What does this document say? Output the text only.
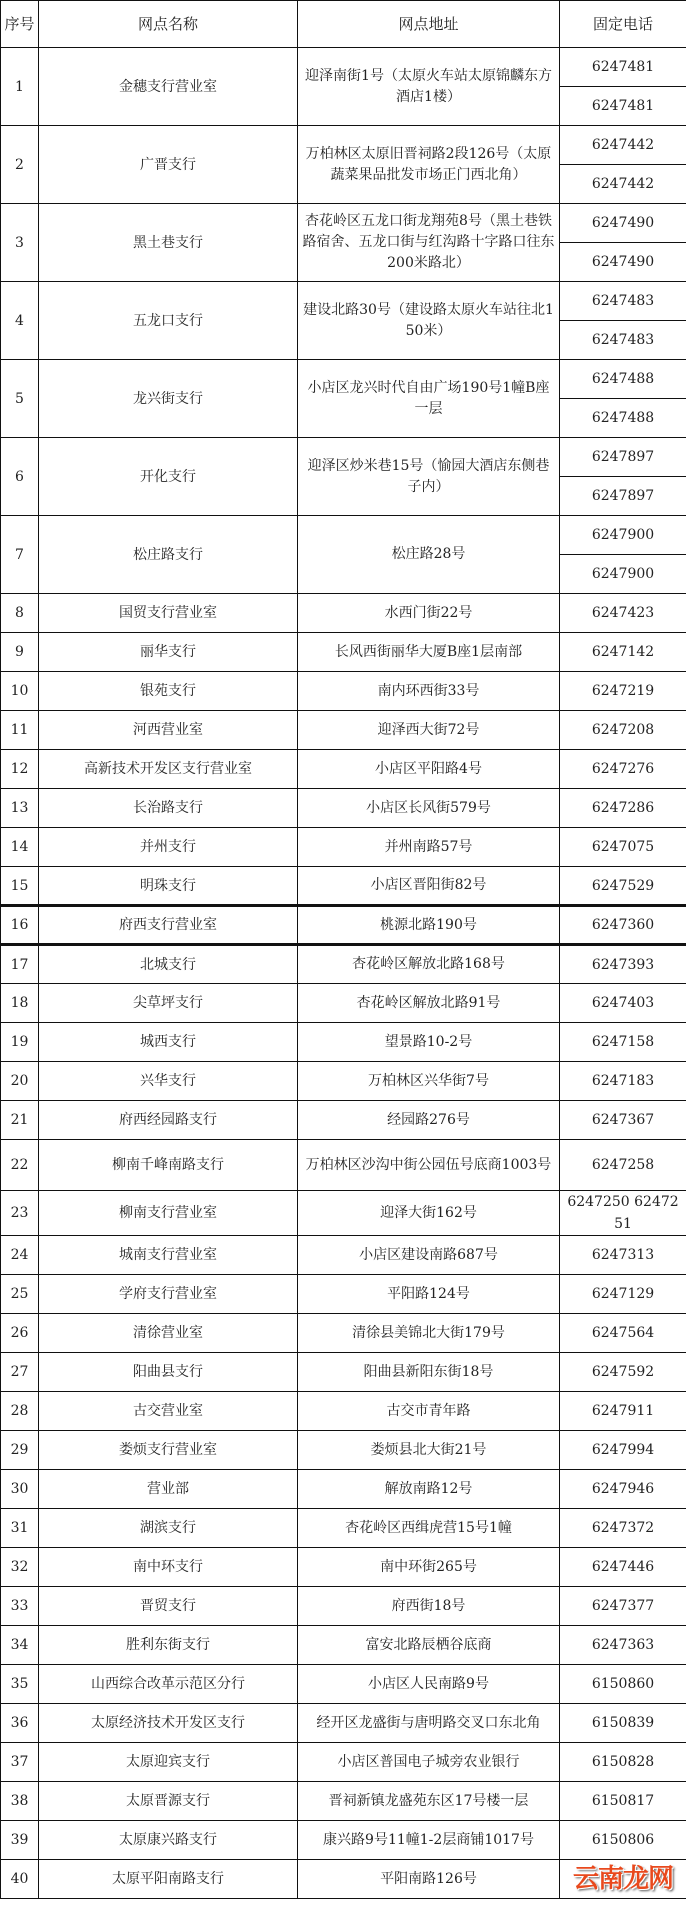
序号	网点名称	网点地址	固定电话
1	金穗支行营业室	迎泽南街1号（太原火车站太原锦麟东方酒店1楼）	6247481
			6247481
2	广晋支行	万柏林区太原旧晋祠路2段126号（太原蔬菜果品批发市场正门西北角）	6247442
			6247442
3	黑土巷支行	杏花岭区五龙口街龙翔苑8号（黑土巷铁路宿舍、五龙口街与红沟路十字路口往东200米路北）	6247490
			6247490
4	五龙口支行	建设北路30号（建设路太原火车站往北150米）	6247483
			6247483
5	龙兴街支行	小店区龙兴时代自由广场190号1幢B座一层	6247488
			6247488
6	开化支行	迎泽区炒米巷15号（愉园大酒店东侧巷子内）	6247897
			6247897
7	松庄路支行	松庄路28号	6247900
			6247900
8	国贸支行营业室	水西门街22号	6247423
9	丽华支行	长风西街丽华大厦B座1层南部	6247142
10	银苑支行	南内环西街33号	6247219
11	河西营业室	迎泽西大街72号	6247208
12	高新技术开发区支行营业室	小店区平阳路4号	6247276
13	长治路支行	小店区长风街579号	6247286
14	并州支行	并州南路57号	6247075
15	明珠支行	小店区晋阳街82号	6247529
16	府西支行营业室	桃源北路190号	6247360
17	北城支行	杏花岭区解放北路168号	6247393
18	尖草坪支行	杏花岭区解放北路91号	6247403
19	城西支行	望景路10-2号	6247158
20	兴华支行	万柏林区兴华街7号	6247183
21	府西经园路支行	经园路276号	6247367
22	柳南千峰南路支行	万柏林区沙沟中街公园伍号底商1003号	6247258
23	柳南支行营业室	迎泽大街162号	6247250 6247251
24	城南支行营业室	小店区建设南路687号	6247313
25	学府支行营业室	平阳路124号	6247129
26	清徐营业室	清徐县美锦北大街179号	6247564
27	阳曲县支行	阳曲县新阳东街18号	6247592
28	古交营业室	古交市青年路	6247911
29	娄烦支行营业室	娄烦县北大街21号	6247994
30	营业部	解放南路12号	6247946
31	湖滨支行	杏花岭区西缉虎营15号1幢	6247372
32	南中环支行	南中环街265号	6247446
33	晋贸支行	府西街18号	6247377
34	胜利东街支行	富安北路辰栖谷底商	6247363
35	山西综合改革示范区分行	小店区人民南路9号	6150860
36	太原经济技术开发区支行	经开区龙盛街与唐明路交叉口东北角	6150839
37	太原迎宾支行	小店区普国电子城旁农业银行	6150828
38	太原晋源支行	晋祠新镇龙盛苑东区17号楼一层	6150817
39	太原康兴路支行	康兴路9号11幢1-2层商铺1017号	6150806
40	太原平阳南路支行	平阳南路126号	云南龙网
